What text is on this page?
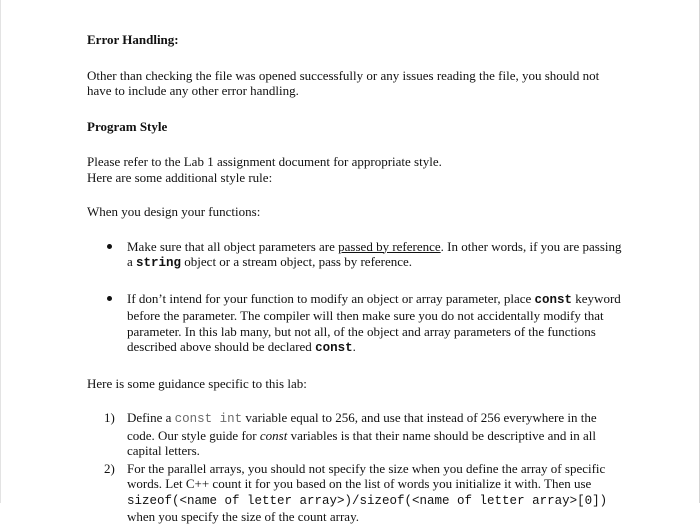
Error Handling:

Other than checking the file was opened successfully or any issues reading the file, you should not have to include any other error handling.

Program Style

Please refer to the Lab 1 assignment document for appropriate style.

Here are some additional style rule:

When you design your functions:

Make sure that all object parameters are passed by reference. In other words, if you are passing a string object or a stream object, pass by reference.
If don’t intend for your function to modify an object or array parameter, place const keyword before the parameter. The compiler will then make sure you do not accidentally modify that parameter. In this lab many, but not all, of the object and array parameters of the functions described above should be declared const.

Here is some guidance specific to this lab:

1) Define a const int variable equal to 256, and use that instead of 256 everywhere in the code. Our style guide for const variables is that their name should be descriptive and in all capital letters.
2) For the parallel arrays, you should not specify the size when you define the array of specific words. Let C++ count it for you based on the list of words you initialize it with. Then use sizeof(<name of letter array>)/sizeof(<name of letter array>[0]) when you specify the size of the count array.
